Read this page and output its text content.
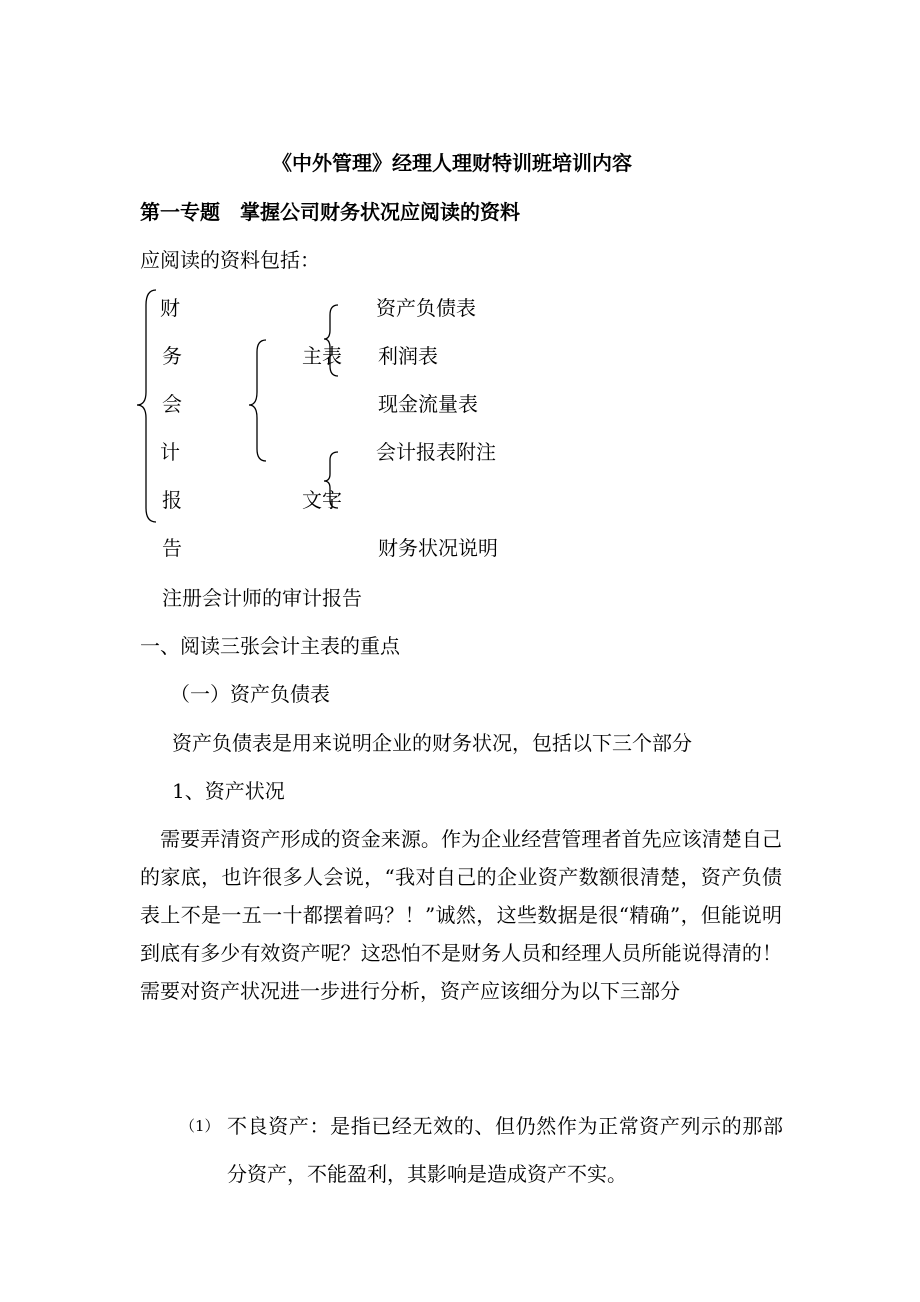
《中外管理》经理人理财特训班培训内容
第一专题　掌握公司财务状况应阅读的资料
应阅读的资料包括：
财
务
会
计
报
告
主表
文字
资产负债表
利润表
现金流量表
会计报表附注
财务状况说明
注册会计师的审计报告
一、阅读三张会计主表的重点
（一）资产负债表
资产负债表是用来说明企业的财务状况，包括以下三个部分
1、资产状况
　需要弄清资产形成的资金来源。作为企业经营管理者首先应该清楚自己的家底，也许很多人会说，“我对自己的企业资产数额很清楚，资产负债表上不是一五一十都摆着吗？！”诚然，这些数据是很“精确”，但能说明到底有多少有效资产呢？这恐怕不是财务人员和经理人员所能说得清的！需要对资产状况进一步进行分析，资产应该细分为以下三部分
（1） 不良资产：是指已经无效的、但仍然作为正常资产列示的那部分资产，不能盈利，其影响是造成资产不实。
